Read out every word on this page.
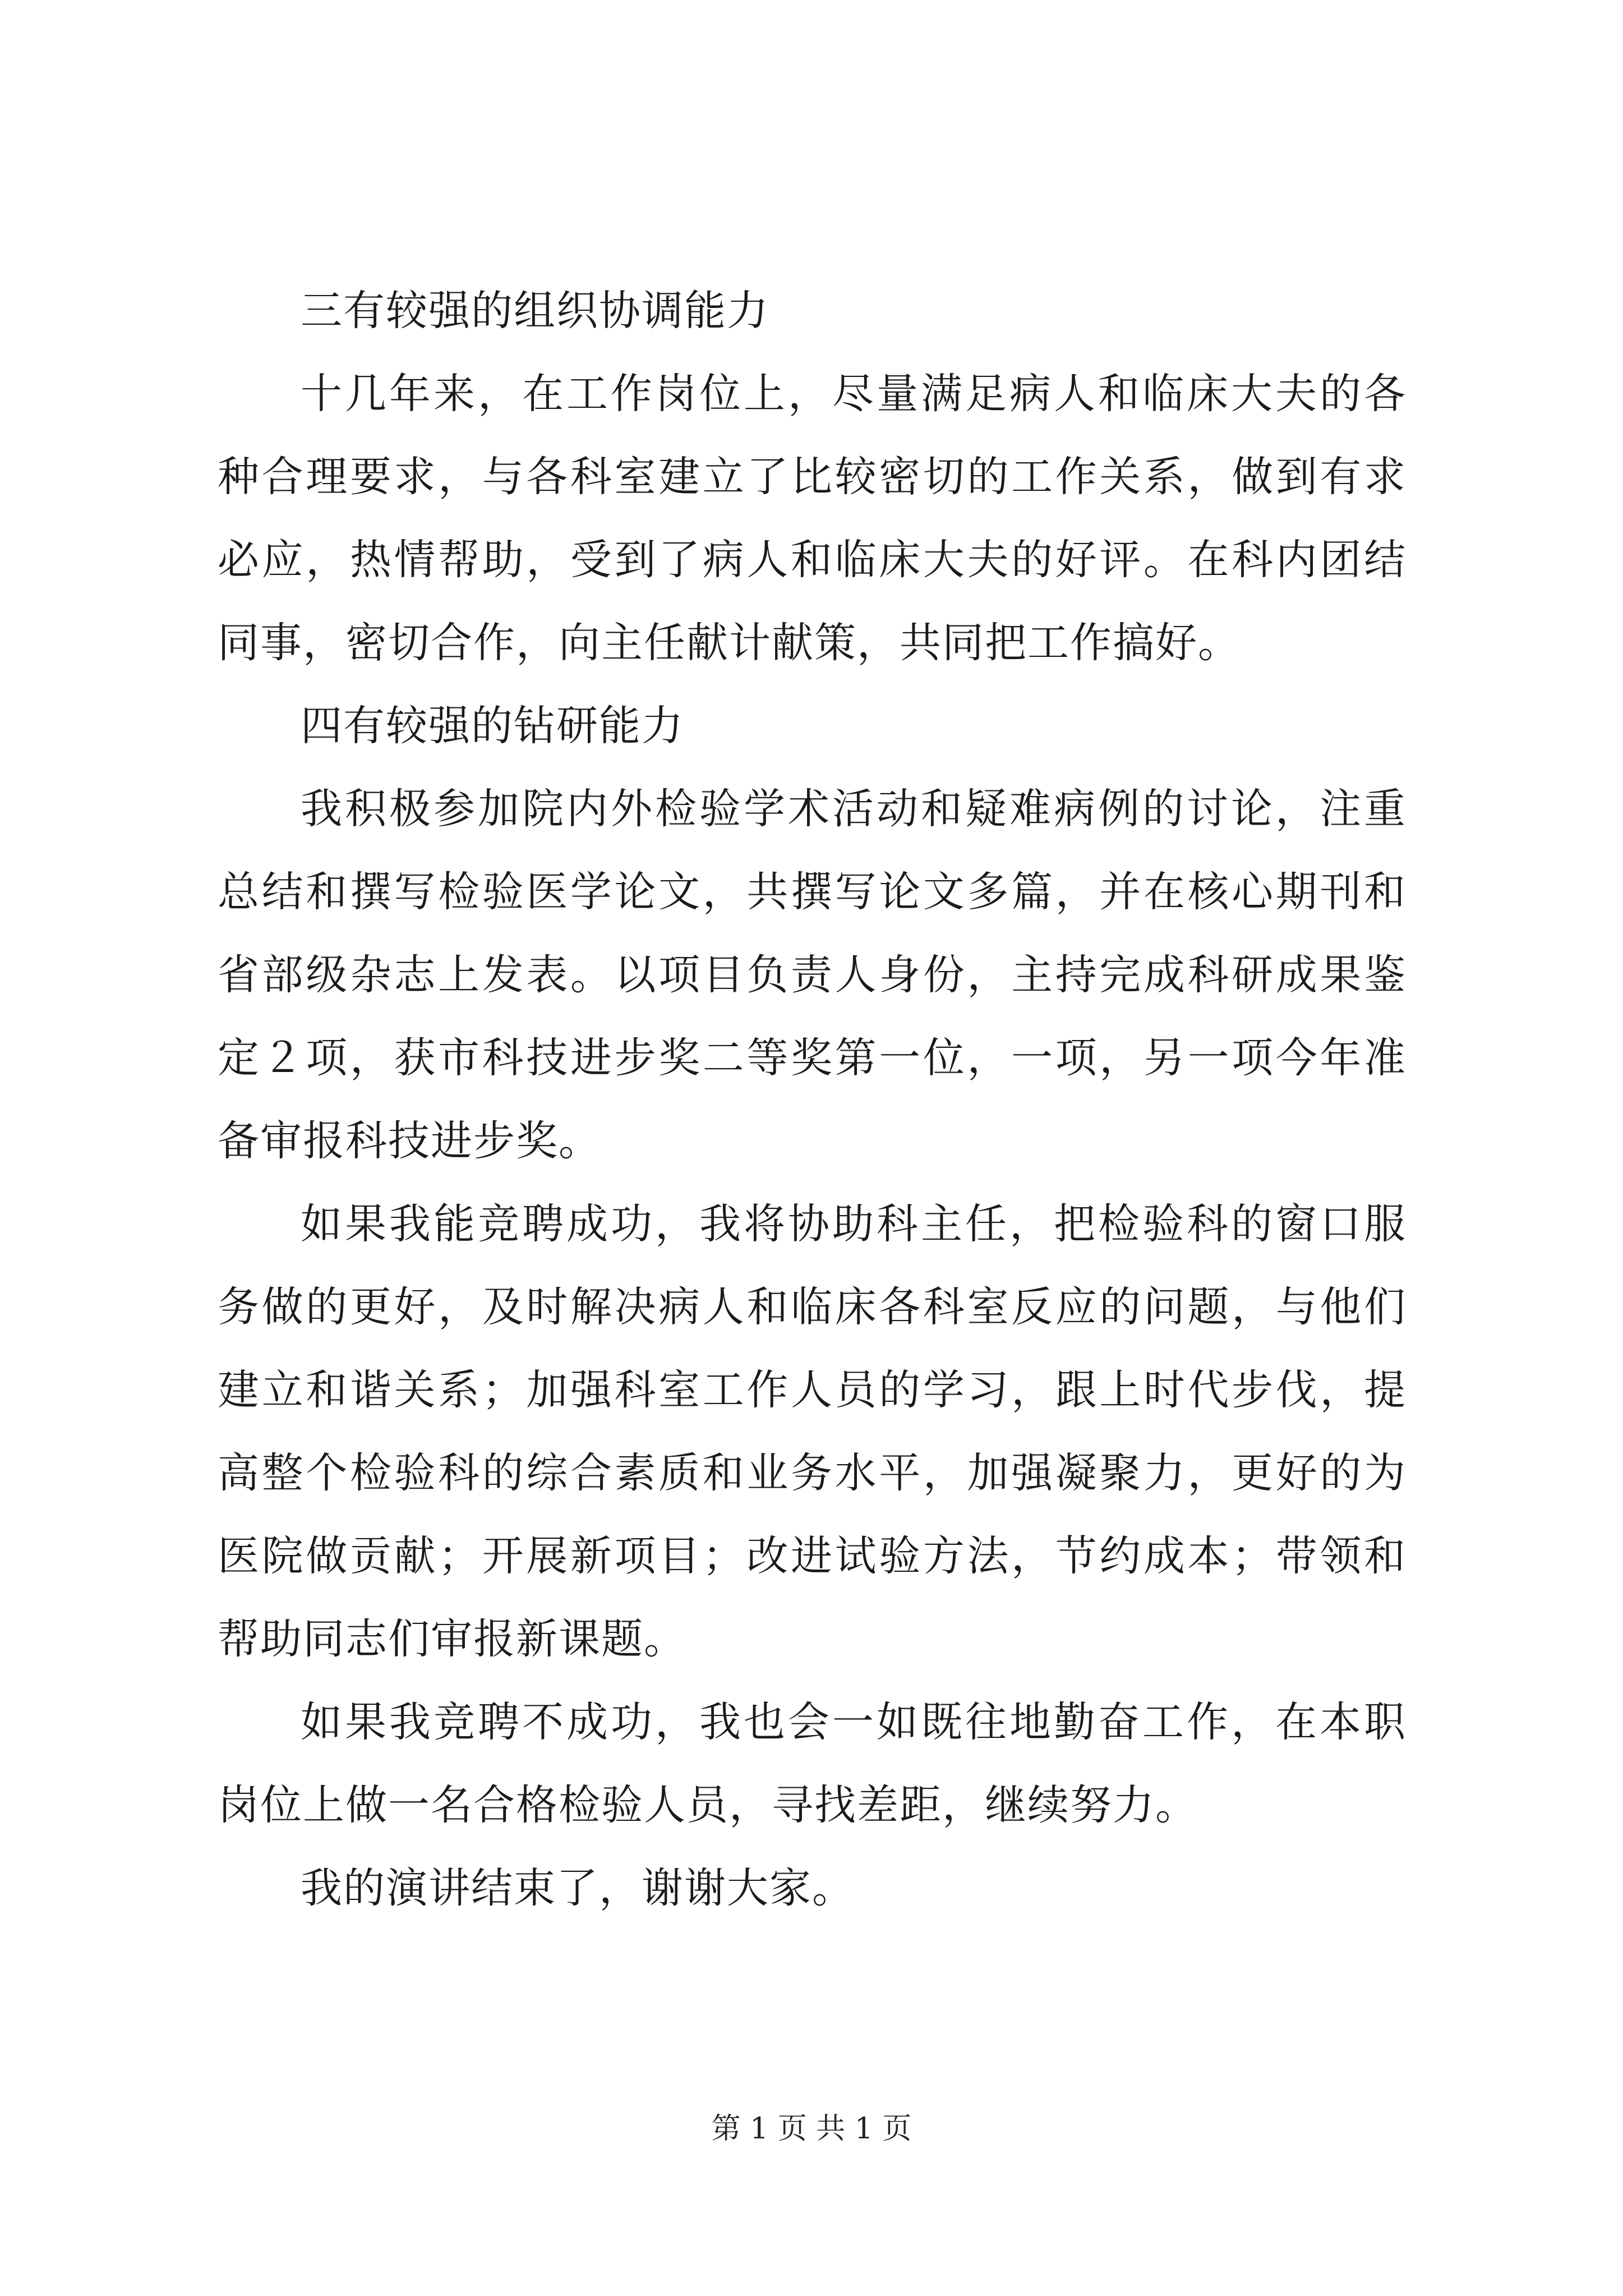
三有较强的组织协调能力

十几年来，在工作岗位上，尽量满足病人和临床大夫的各种合理要求，与各科室建立了比较密切的工作关系，做到有求必应，热情帮助，受到了病人和临床大夫的好评。在科内团结同事，密切合作，向主任献计献策，共同把工作搞好。

四有较强的钻研能力

我积极参加院内外检验学术活动和疑难病例的讨论，注重总结和撰写检验医学论文，共撰写论文多篇，并在核心期刊和省部级杂志上发表。以项目负责人身份，主持完成科研成果鉴定２项，获市科技进步奖二等奖第一位，一项，另一项今年准备审报科技进步奖。

如果我能竞聘成功，我将协助科主任，把检验科的窗口服务做的更好，及时解决病人和临床各科室反应的问题，与他们建立和谐关系；加强科室工作人员的学习，跟上时代步伐，提高整个检验科的综合素质和业务水平，加强凝聚力，更好的为医院做贡献；开展新项目；改进试验方法，节约成本；带领和帮助同志们审报新课题。

如果我竞聘不成功，我也会一如既往地勤奋工作，在本职岗位上做一名合格检验人员，寻找差距，继续努力。

我的演讲结束了，谢谢大家。

第 1 页 共 1 页
